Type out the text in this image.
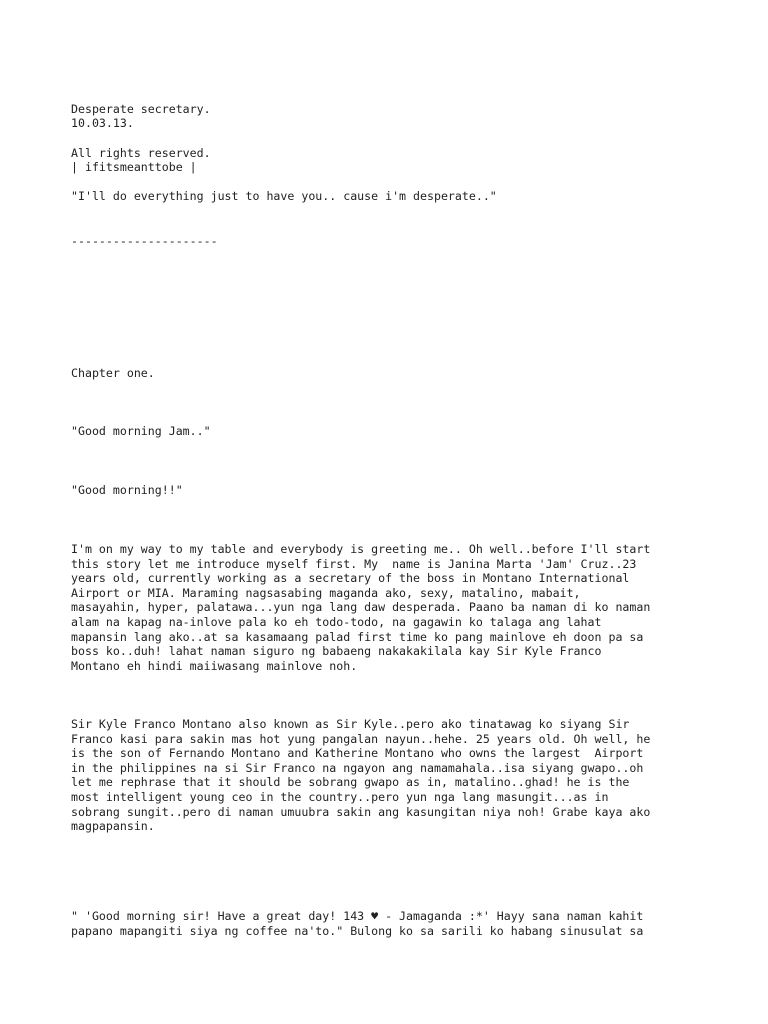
Desperate secretary.

10.03.13.

All rights reserved.

| ifitsmeanttobe |

"I'll do everything just to have you.. cause i'm desperate.."

---------------------

Chapter one.

"Good morning Jam.."

"Good morning!!"

I'm on my way to my table and everybody is greeting me.. Oh well..before I'll start
this story let me introduce myself first. My  name is Janina Marta 'Jam' Cruz..23
years old, currently working as a secretary of the boss in Montano International
Airport or MIA. Maraming nagsasabing maganda ako, sexy, matalino, mabait,
masayahin, hyper, palatawa...yun nga lang daw desperada. Paano ba naman di ko naman
alam na kapag na-inlove pala ko eh todo-todo, na gagawin ko talaga ang lahat
mapansin lang ako..at sa kasamaang palad first time ko pang mainlove eh doon pa sa
boss ko..duh! lahat naman siguro ng babaeng nakakakilala kay Sir Kyle Franco
Montano eh hindi maiiwasang mainlove noh.

Sir Kyle Franco Montano also known as Sir Kyle..pero ako tinatawag ko siyang Sir
Franco kasi para sakin mas hot yung pangalan nayun..hehe. 25 years old. Oh well, he
is the son of Fernando Montano and Katherine Montano who owns the largest  Airport
in the philippines na si Sir Franco na ngayon ang namamahala..isa siyang gwapo..oh
let me rephrase that it should be sobrang gwapo as in, matalino..ghad! he is the
most intelligent young ceo in the country..pero yun nga lang masungit...as in
sobrang sungit..pero di naman umuubra sakin ang kasungitan niya noh! Grabe kaya ako
magpapansin.

" 'Good morning sir! Have a great day! 143 ♥ - Jamaganda :*' Hayy sana naman kahit
papano mapangiti siya ng coffee na'to." Bulong ko sa sarili ko habang sinusulat sa
